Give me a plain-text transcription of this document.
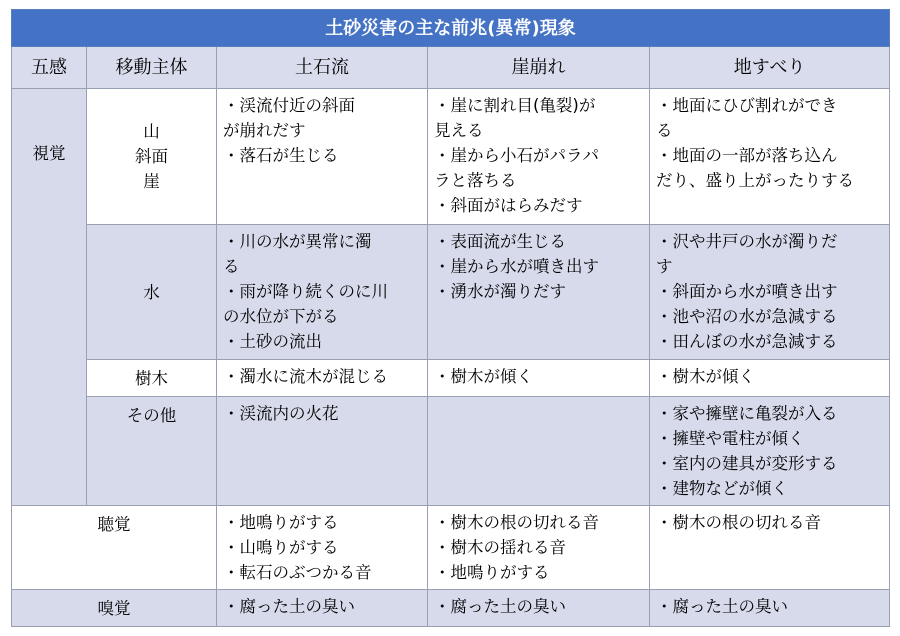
土砂災害の主な前兆(異常)現象				
五感	移動主体	土石流	崖崩れ	地すべり

視覚	山
斜面
崖	・渓流付近の斜面
が崩れだす
・落石が生じる	・崖に割れ目(亀裂)が
見える
・崖から小石がパラパ
ラと落ちる
・斜面がはらみだす	・地面にひび割れができ
る
・地面の一部が落ち込ん
だり、盛り上がったりする

	水	・川の水が異常に濁
る
・雨が降り続くのに川
の水位が下がる
・土砂の流出	・表面流が生じる
・崖から水が噴き出す
・湧水が濁りだす	・沢や井戸の水が濁りだ
す
・斜面から水が噴き出す
・池や沼の水が急減する
・田んぼの水が急減する

	樹木	・濁水に流木が混じる	・樹木が傾く	・樹木が傾く

	その他	・渓流内の火花		・家や擁壁に亀裂が入る
・擁壁や電柱が傾く
・室内の建具が変形する
・建物などが傾く

聴覚		・地鳴りがする
・山鳴りがする
・転石のぶつかる音	・樹木の根の切れる音
・樹木の揺れる音
・地鳴りがする	・樹木の根の切れる音

嗅覚		・腐った土の臭い	・腐った土の臭い	・腐った土の臭い
